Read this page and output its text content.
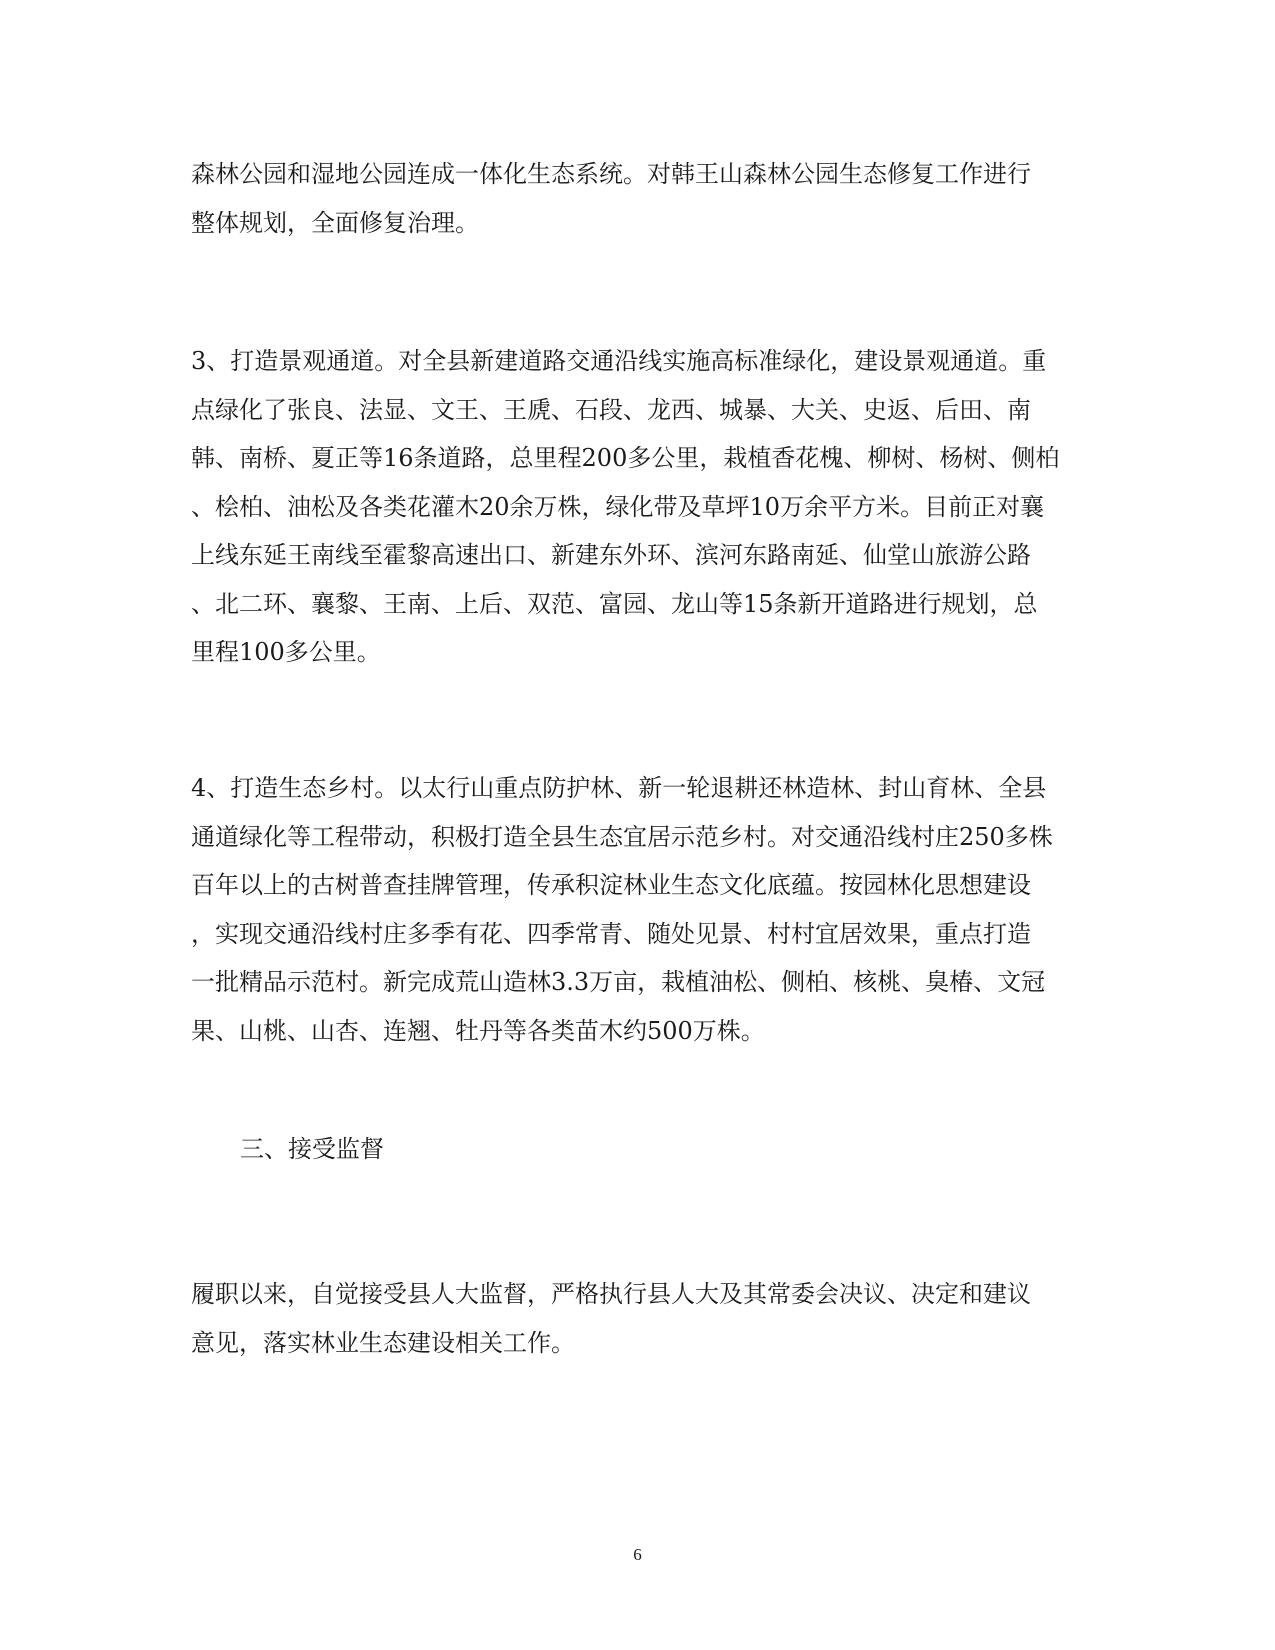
森林公园和湿地公园连成一体化生态系统。对韩王山森林公园生态修复工作进行
整体规划，全面修复治理。

3、打造景观通道。对全县新建道路交通沿线实施高标准绿化，建设景观通道。重
点绿化了张良、法显、文王、王虒、石段、龙西、城暴、大关、史返、后田、南
韩、南桥、夏正等16条道路，总里程200多公里，栽植香花槐、柳树、杨树、侧柏
、桧柏、油松及各类花灌木20余万株，绿化带及草坪10万余平方米。目前正对襄
上线东延王南线至霍黎高速出口、新建东外环、滨河东路南延、仙堂山旅游公路
、北二环、襄黎、王南、上后、双范、富园、龙山等15条新开道路进行规划，总
里程100多公里。

4、打造生态乡村。以太行山重点防护林、新一轮退耕还林造林、封山育林、全县
通道绿化等工程带动，积极打造全县生态宜居示范乡村。对交通沿线村庄250多株
百年以上的古树普查挂牌管理，传承积淀林业生态文化底蕴。按园林化思想建设
，实现交通沿线村庄多季有花、四季常青、随处见景、村村宜居效果，重点打造
一批精品示范村。新完成荒山造林3.3万亩，栽植油松、侧柏、核桃、臭椿、文冠
果、山桃、山杏、连翘、牡丹等各类苗木约500万株。

三、接受监督

履职以来，自觉接受县人大监督，严格执行县人大及其常委会决议、决定和建议
意见，落实林业生态建设相关工作。

6
